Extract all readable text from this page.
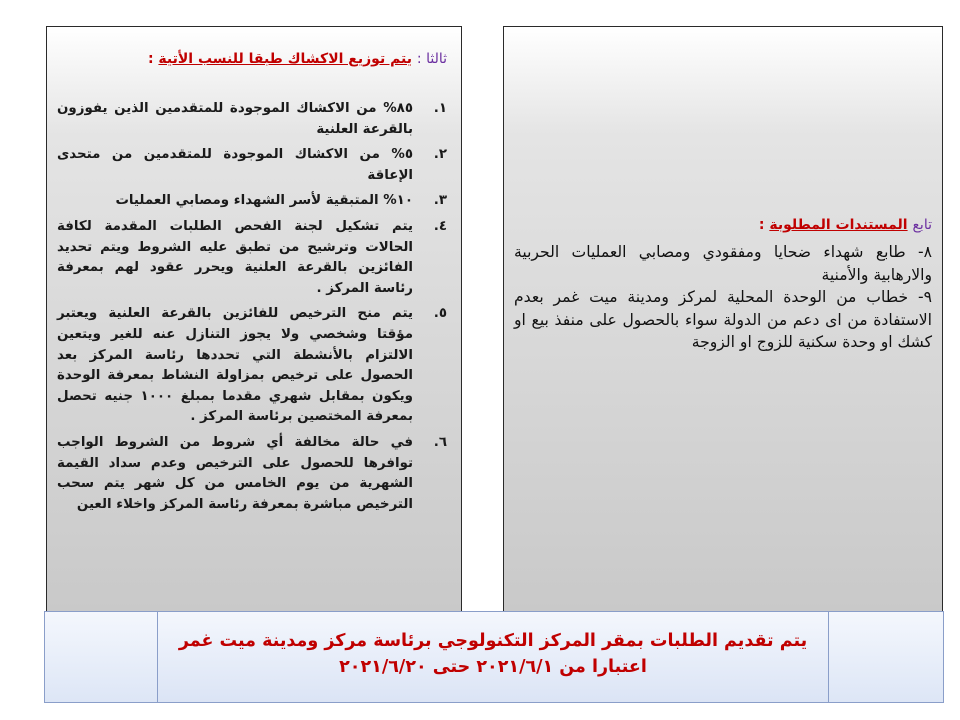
ثالثا : يتم توزيع الاكشاك طبقا للنسب الأتية :
١.
٨٥% من الاكشاك الموجودة للمتقدمين الذين يفوزون بالقرعة العلنية
٢.
٥% من الاكشاك الموجودة للمتقدمين من متحدى الإعاقة
٣.
١٠% المتبقية لأسر الشهداء ومصابي العمليات
٤.
يتم تشكيل لجنة الفحص الطلبات المقدمة لكافة الحالات وترشيح من تطبق عليه الشروط ويتم تحديد الفائزين بالقرعة العلنية ويحرر عقود لهم بمعرفة رئاسة المركز .
٥.
يتم منح الترخيص للفائزين بالقرعة العلنية ويعتبر مؤقتا وشخصي ولا يجوز التنازل عنه للغير ويتعين الالتزام بالأنشطة التي تحددها رئاسة المركز بعد الحصول على ترخيص بمزاولة النشاط بمعرفة الوحدة ويكون بمقابل شهري مقدما بمبلغ ١٠٠٠ جنيه تحصل بمعرفة المختصين برئاسة المركز .
٦.
في حالة مخالفة أي شروط من الشروط الواجب توافرها للحصول على الترخيص وعدم سداد القيمة الشهرية من يوم الخامس من كل شهر يتم سحب الترخيص مباشرة بمعرفة رئاسة المركز واخلاء العين
تابع المستندات المطلوبة :
٨- طابع شهداء ضحايا ومفقودي ومصابي العمليات الحربية والارهابية والأمنية
٩- خطاب من الوحدة المحلية لمركز ومدينة ميت غمر بعدم الاستفادة من اى دعم من الدولة سواء بالحصول على منفذ بيع او كشك او وحدة سكنية للزوج او الزوجة
يتم تقديم الطلبات بمقر المركز التكنولوجي برئاسة مركز ومدينة ميت غمر
اعتبارا من ٢٠٢١/٦/١ حتى ٢٠٢١/٦/٢٠
